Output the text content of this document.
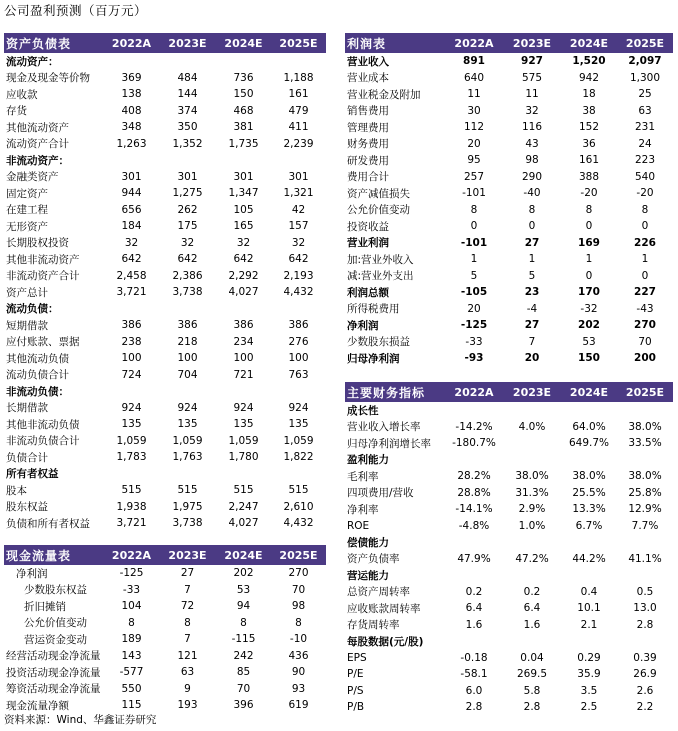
公司盈利预测（百万元）
资产负债表	2022A	2023E	2024E	2025E
流动资产：				
现金及现金等价物	369	484	736	1,188
应收款	138	144	150	161
存货	408	374	468	479
其他流动资产	348	350	381	411
流动资产合计	1,263	1,352	1,735	2,239
非流动资产：				
金融类资产	301	301	301	301
固定资产	944	1,275	1,347	1,321
在建工程	656	262	105	42
无形资产	184	175	165	157
长期股权投资	32	32	32	32
其他非流动资产	642	642	642	642
非流动资产合计	2,458	2,386	2,292	2,193
资产总计	3,721	3,738	4,027	4,432
流动负债：				
短期借款	386	386	386	386
应付账款、票据	238	218	234	276
其他流动负债	100	100	100	100
流动负债合计	724	704	721	763
非流动负债：				
长期借款	924	924	924	924
其他非流动负债	135	135	135	135
非流动负债合计	1,059	1,059	1,059	1,059
负债合计	1,783	1,763	1,780	1,822
所有者权益				
股本	515	515	515	515
股东权益	1,938	1,975	2,247	2,610
负债和所有者权益	3,721	3,738	4,027	4,432
现金流量表	2022A	2023E	2024E	2025E
净利润	-125	27	202	270
少数股东权益	-33	7	53	70
折旧摊销	104	72	94	98
公允价值变动	8	8	8	8
营运资金变动	189	7	-115	-10
经营活动现金净流量	143	121	242	436
投资活动现金净流量	-577	63	85	90
筹资活动现金净流量	550	9	70	93
现金流量净额	115	193	396	619
利润表	2022A	2023E	2024E	2025E
营业收入	891	927	1,520	2,097
营业成本	640	575	942	1,300
营业税金及附加	11	11	18	25
销售费用	30	32	38	63
管理费用	112	116	152	231
财务费用	20	43	36	24
研发费用	95	98	161	223
费用合计	257	290	388	540
资产减值损失	-101	-40	-20	-20
公允价值变动	8	8	8	8
投资收益	0	0	0	0
营业利润	-101	27	169	226
加:营业外收入	1	1	1	1
减:营业外支出	5	5	0	0
利润总额	-105	23	170	227
所得税费用	20	-4	-32	-43
净利润	-125	27	202	270
少数股东损益	-33	7	53	70
归母净利润	-93	20	150	200
主要财务指标	2022A	2023E	2024E	2025E
成长性				
营业收入增长率	-14.2%	4.0%	64.0%	38.0%
归母净利润增长率	-180.7%		649.7%	33.5%
盈利能力				
毛利率	28.2%	38.0%	38.0%	38.0%
四项费用/营收	28.8%	31.3%	25.5%	25.8%
净利率	-14.1%	2.9%	13.3%	12.9%
ROE	-4.8%	1.0%	6.7%	7.7%
偿债能力				
资产负债率	47.9%	47.2%	44.2%	41.1%
营运能力				
总资产周转率	0.2	0.2	0.4	0.5
应收账款周转率	6.4	6.4	10.1	13.0
存货周转率	1.6	1.6	2.1	2.8
每股数据(元/股)				
EPS	-0.18	0.04	0.29	0.39
P/E	-58.1	269.5	35.9	26.9
P/S	6.0	5.8	3.5	2.6
P/B	2.8	2.8	2.5	2.2
资料来源：Wind、华鑫证券研究
